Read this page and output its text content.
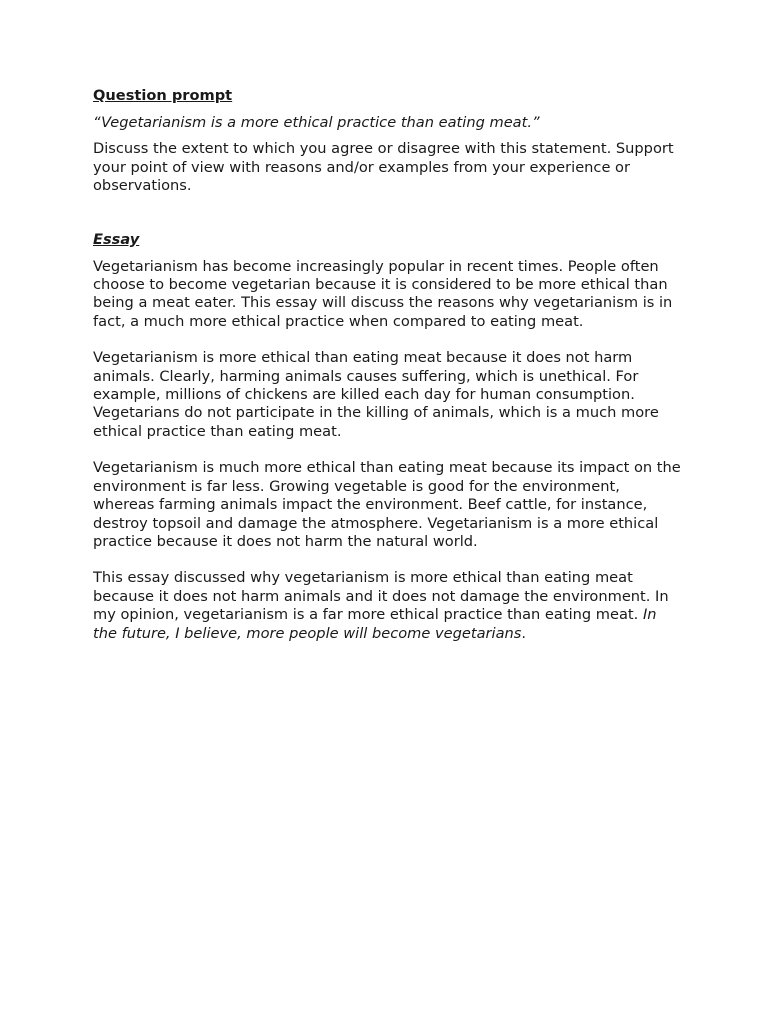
Question prompt

“Vegetarianism is a more ethical practice than eating meat.”

Discuss the extent to which you agree or disagree with this statement. Support your point of view with reasons and/or examples from your experience or observations.

Essay

Vegetarianism has become increasingly popular in recent times. People often choose to become vegetarian because it is considered to be more ethical than being a meat eater. This essay will discuss the reasons why vegetarianism is in fact, a much more ethical practice when compared to eating meat.

Vegetarianism is more ethical than eating meat because it does not harm animals. Clearly, harming animals causes suffering, which is unethical. For example, millions of chickens are killed each day for human consumption. Vegetarians do not participate in the killing of animals, which is a much more ethical practice than eating meat.

Vegetarianism is much more ethical than eating meat because its impact on the environment is far less. Growing vegetable is good for the environment, whereas farming animals impact the environment. Beef cattle, for instance, destroy topsoil and damage the atmosphere. Vegetarianism is a more ethical practice because it does not harm the natural world.

This essay discussed why vegetarianism is more ethical than eating meat because it does not harm animals and it does not damage the environment. In my opinion, vegetarianism is a far more ethical practice than eating meat. In the future, I believe, more people will become vegetarians.
